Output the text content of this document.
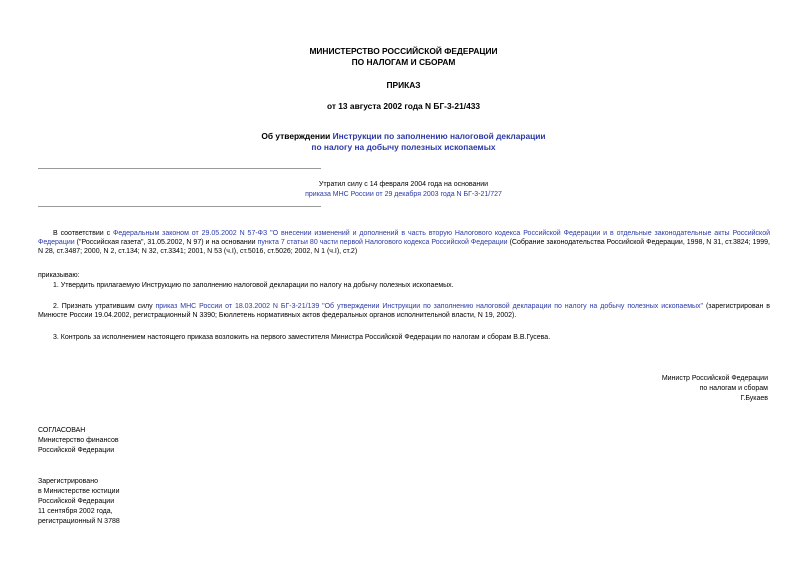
МИНИСТЕРСТВО РОССИЙСКОЙ ФЕДЕРАЦИИ
ПО НАЛОГАМ И СБОРАМ
ПРИКАЗ
от 13 августа 2002 года N БГ-3-21/433
Об утверждении Инструкции по заполнению налоговой декларации
по налогу на добычу полезных ископаемых
Утратил силу с 14 февраля 2004 года на основании
приказа МНС России от 29 декабря 2003 года N БГ-3-21/727
В соответствии с Федеральным законом от 29.05.2002 N 57-ФЗ "О внесении изменений и дополнений в часть вторую Налогового кодекса Российской Федерации и в отдельные законодательные акты Российской Федерации ("Российская газета", 31.05.2002, N 97) и на основании пункта 7 статьи 80 части первой Налогового кодекса Российской Федерации (Собрание законодательства Российской Федерации, 1998, N 31, ст.3824; 1999, N 28, ст.3487; 2000, N 2, ст.134; N 32, ст.3341; 2001, N 53 (ч.I), ст.5016, ст.5026; 2002, N 1 (ч.I), ст.2)
приказываю:
1. Утвердить прилагаемую Инструкцию по заполнению налоговой декларации по налогу на добычу полезных ископаемых.
2. Признать утратившим силу приказ МНС России от 18.03.2002 N БГ-3-21/139 "Об утверждении Инструкции по заполнению налоговой декларации по налогу на добычу полезных ископаемых" (зарегистрирован в Минюсте России 19.04.2002, регистрационный N 3390; Бюллетень нормативных актов федеральных органов исполнительной власти, N 19, 2002).
3. Контроль за исполнением настоящего приказа возложить на первого заместителя Министра Российской Федерации по налогам и сборам В.В.Гусева.
Министр Российской Федерации
по налогам и сборам
Г.Букаев
СОГЛАСОВАН
Министерство финансов
Российской Федерации
Зарегистрировано
в Министерстве юстиции
Российской Федерации
11 сентября 2002 года,
регистрационный N 3788
